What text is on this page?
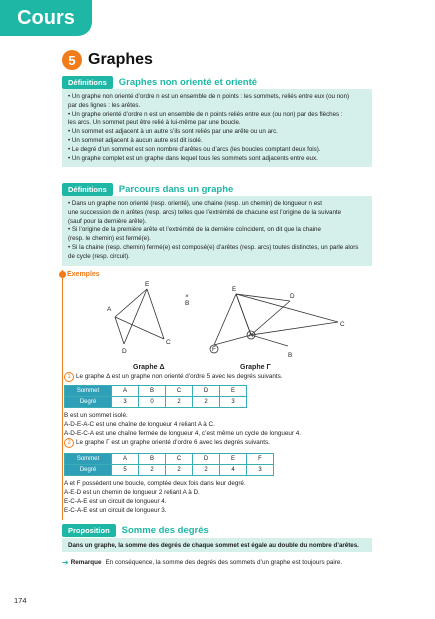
Cours
5 Graphes
Définitions	Graphes non orienté et orienté

• Un graphe non orienté d’ordre n est un ensemble de n points : les sommets, reliés entre eux (ou non)

par des lignes : les arêtes.

• Un graphe orienté d’ordre n est un ensemble de n points reliés entre eux (ou non) par des flèches :

les arcs. Un sommet peut être relié à lui-même par une boucle.

• Un sommet est adjacent à un autre s’ils sont reliés par une arête ou un arc.

• Un sommet adjacent à aucun autre est dit isolé.

• Le degré d’un sommet est son nombre d’arêtes ou d’arcs (les boucles comptant deux fois).

• Un graphe complet est un graphe dans lequel tous les sommets sont adjacents entre eux.

Définitions	Parcours dans un graphe

• Dans un graphe non orienté (resp. orienté), une chaine (resp. un chemin) de longueur n est

une succession de n arêtes (resp. arcs) telles que l’extrémité de chacune est l’origine de la suivante

(sauf pour la dernière arête).

• Si l’origine de la première arête et l’extrémité de la dernière coïncident, on dit que la chaine

(resp. le chemin) est fermé(e).

• Si la chaine (resp. chemin) fermé(e) est composé(e) d’arêtes (resp. arcs) toutes distinctes, un parle alors

de cycle (resp. circuit).

Exemples
E
A
C
D
×
B
Graphe Δ
E
D
C
A
B
F
Graphe Γ
1 Le graphe Δ est un graphe non orienté d’ordre 5 avec les degrés suivants.
Sommet	A	B	C	D	E
Degré	3	0	2	2	3
B est un sommet isolé.
A-D-E-A-C est une chaîne de longueur 4 reliant A à C.
A-D-E-C-A est une chaîne fermée de longueur 4, c’est même un cycle de longueur 4.
2 Le graphe Γ est un graphe orienté d’ordre 6 avec les degrés suivants.
Sommet	A	B	C	D	E	F
Degré	5	2	2	2	4	3
A et F possèdent une boucle, comptée deux fois dans leur degré.
A-E-D est un chemin de longueur 2 reliant A à D.
E-C-A-E est un circuit de longueur 4.
E-C-A-E est un circuit de longueur 3.
Proposition	Somme des degrés

Dans un graphe, la somme des degrés de chaque sommet est égale au double du nombre d’arêtes.

➔ Remarque En conséquence, la somme des degrés des sommets d’un graphe est toujours paire.
174
